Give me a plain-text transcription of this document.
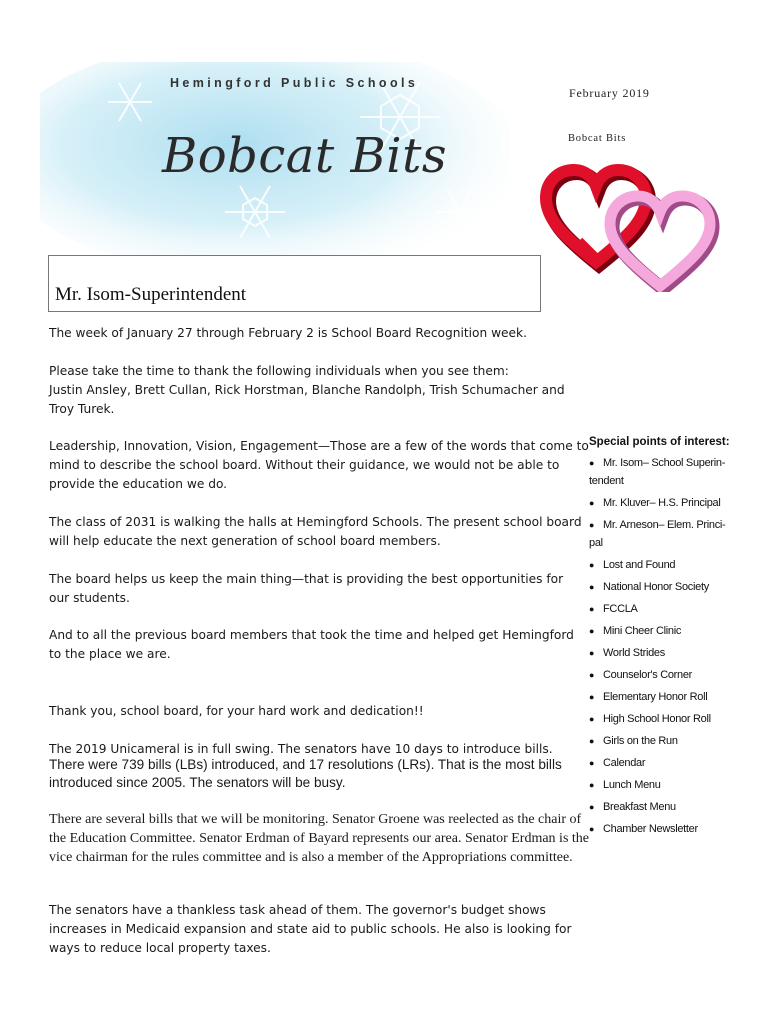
Hemingford Public Schools
Bobcat Bits
February 2019
Bobcat Bits
Mr. Isom-Superintendent
The week of January 27 through February 2 is School Board Recognition week.
Please take the time to thank the following individuals when you see them:
Justin Ansley, Brett Cullan, Rick Horstman, Blanche Randolph, Trish Schumacher and Troy Turek.
Leadership, Innovation, Vision, Engagement—Those are a few of the words that come to mind to describe the school board. Without their guidance, we would not be able to provide the education we do.
The class of 2031 is walking the halls at Hemingford Schools. The present school board will help educate the next generation of school board members.
The board helps us keep the main thing—that is providing the best opportunities for our students.
And to all the previous board members that took the time and helped get Hemingford to the place we are.
Thank you, school board, for your hard work and dedication!!
The 2019 Unicameral is in full swing. The senators have 10 days to introduce bills.
There were 739 bills (LBs) introduced, and 17 resolutions (LRs). That is the most bills introduced since 2005. The senators will be busy.
There are several bills that we will be monitoring. Senator Groene was reelected as the chair of the Education Committee. Senator Erdman of Bayard represents our area. Senator Erdman is the vice chairman for the rules committee and is also a member of the Appropriations committee.
The senators have a thankless task ahead of them. The governor's budget shows increases in Medicaid expansion and state aid to public schools. He also is looking for ways to reduce local property taxes.
Special points of interest:
● Mr. Isom– School Superin-
tendent
● Mr. Kluver– H.S. Principal
● Mr. Arneson– Elem. Princi-
pal
● Lost and Found
● National Honor Society
● FCCLA
● Mini Cheer Clinic
● World Strides
● Counselor's Corner
● Elementary Honor Roll
● High School Honor Roll
● Girls on the Run
● Calendar
● Lunch Menu
● Breakfast Menu
● Chamber Newsletter
